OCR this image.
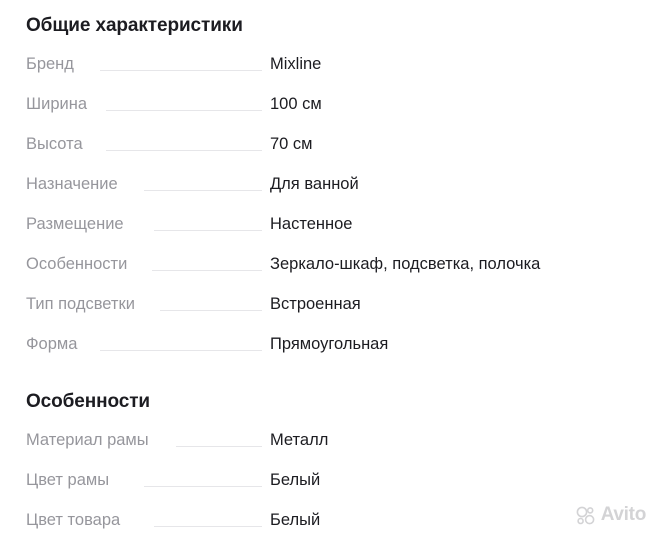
Общие характеристики
Бренд	Mixline
Ширина	100 см
Высота	70 см
Назначение	Для ванной
Размещение	Настенное
Особенности	Зеркало-шкаф, подсветка, полочка
Тип подсветки	Встроенная
Форма	Прямоугольная
Особенности
Материал рамы	Металл
Цвет рамы	Белый
Цвет товара	Белый	Avito
